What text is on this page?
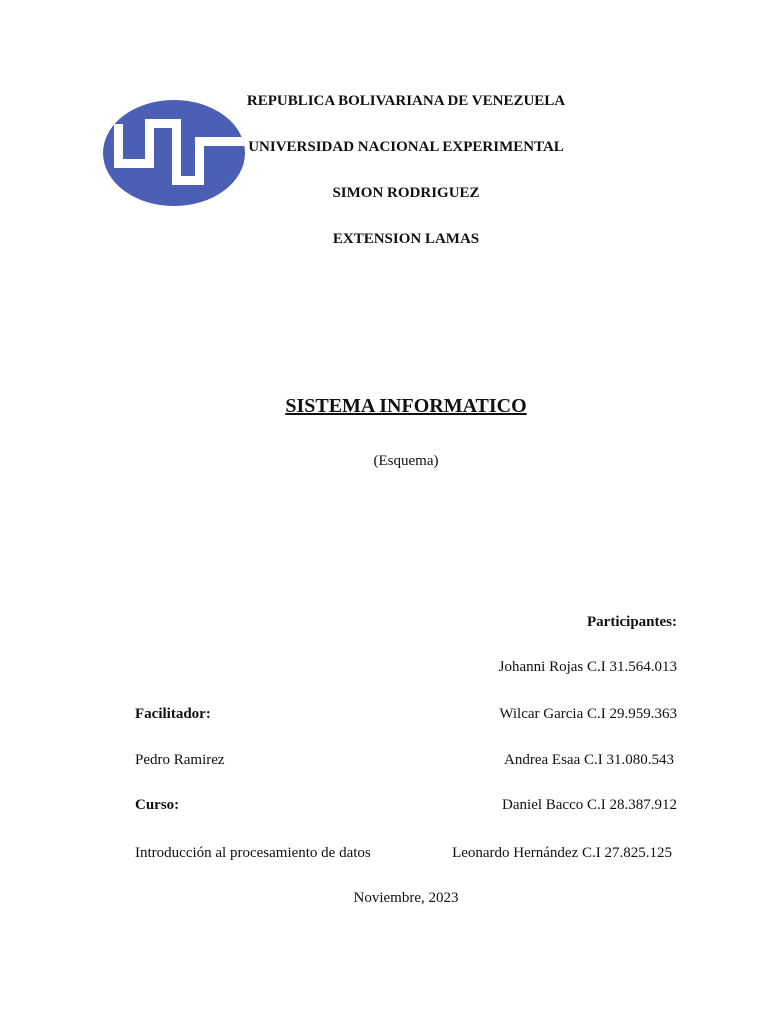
REPUBLICA BOLIVARIANA DE VENEZUELA
UNIVERSIDAD NACIONAL EXPERIMENTAL
SIMON RODRIGUEZ
EXTENSION LAMAS
SISTEMA INFORMATICO
(Esquema)
Participantes:
Johanni Rojas C.I 31.564.013
Wilcar Garcia C.I 29.959.363
Andrea Esaa C.I 31.080.543
Daniel Bacco C.I 28.387.912
Leonardo Hernández C.I 27.825.125
Facilitador:
Pedro Ramirez
Curso:
Introducción al procesamiento de datos
Noviembre, 2023
